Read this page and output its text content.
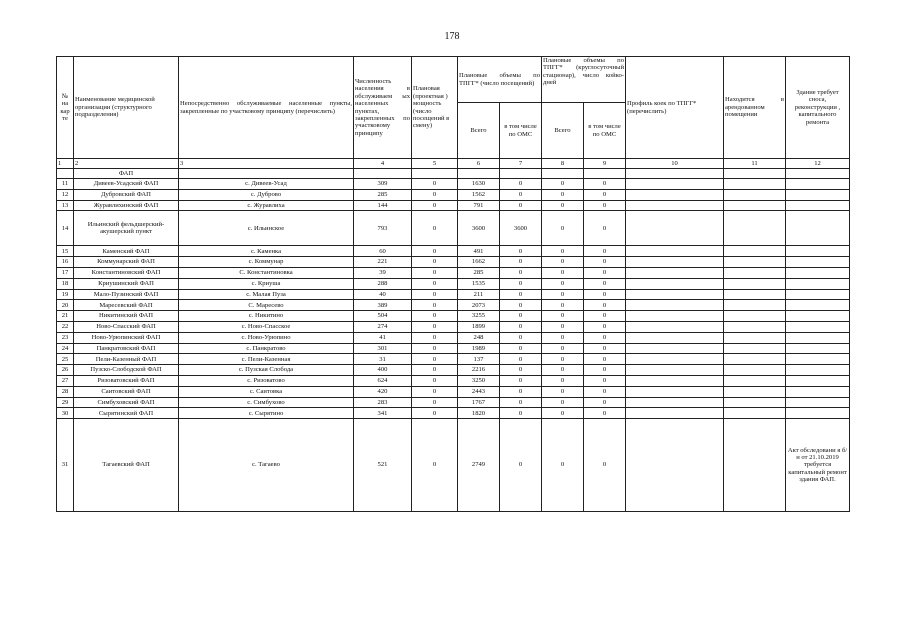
178
№ на кар те	Наименование медицинской организации (структурного подразделения)	Непосредственно обслуживаемые населенные пункты, закрепленные по участковому принципу (перечислить)	Численность населения в обслуживаем ых населенных пунктах, закрепленных по участковому принципу	Плановая (проектная ) мощность (число посещений в смену)	Плановые объемы по ТПГГ* (число посещений)		Плановые объемы по ТПГГ* (круглосуточный стационар), число койко-дней		Профиль коек по ТПГГ* (перечислить)	Находится в арендованном помещении	Здание требует сноса, реконструкции , капитального ремонта
					Всего	в том числе по ОМС	Всего	в том числе по ОМС			
1	2	3	4	5	6	7	8	9	10	11	12
	ФАП										
11	Дивеев-Усадский ФАП	с. Дивеев-Усад	309	0	1630	0	0	0			
12	Дубровский ФАП	с. Дуброво	285	0	1562	0	0	0			
13	Журавлихинский ФАП	с. Журавлиха	144	0	791	0	0	0			
14	Ильинский фельдшерский-акушерский пункт	с. Ильинское	793	0	3600	3600	0	0			
15	Каменский ФАП	с. Каменка	60	0	491	0	0	0			
16	Коммунарский ФАП	с. Коммунар	221	0	1662	0	0	0			
17	Константиновский ФАП	С. Константиновка	39	0	285	0	0	0			
18	Криушинский ФАП	с. Криуша	288	0	1535	0	0	0			
19	Мало-Пузинский ФАП	с. Малая Пуза	40	0	211	0	0	0			
20	Маресевский ФАП	С. Маресево	389	0	2073	0	0	0			
21	Никитинский ФАП	с. Никитино	504	0	3255	0	0	0			
22	Ново-Спасский ФАП	с. Ново-Спасское	274	0	1899	0	0	0			
23	Ново-Урюпинский ФАП	с. Ново-Урюпино	41	0	248	0	0	0			
24	Панкратовский ФАП	с. Панкратово	301	0	1989	0	0	0			
25	Пели-Казенный ФАП	с. Пели-Казенная	31	0	137	0	0	0			
26	Пузско-Слободской ФАП	с. Пузская Слобода	400	0	2216	0	0	0			
27	Ризоватовский ФАП	с. Ризоватово	624	0	3250	0	0	0			
28	Саитовский ФАП	с. Саитовка	420	0	2443	0	0	0			
29	Симбуховский ФАП	с. Симбухово	283	0	1767	0	0	0			
30	Сырятинский ФАП	с. Сырятино	341	0	1820	0	0	0			
31	Тагаевский ФАП	с. Тагаево	521	0	2749	0	0	0			Акт обследовани я б/н от 21.10.2019 требуется капитальный ремонт здания ФАП.
